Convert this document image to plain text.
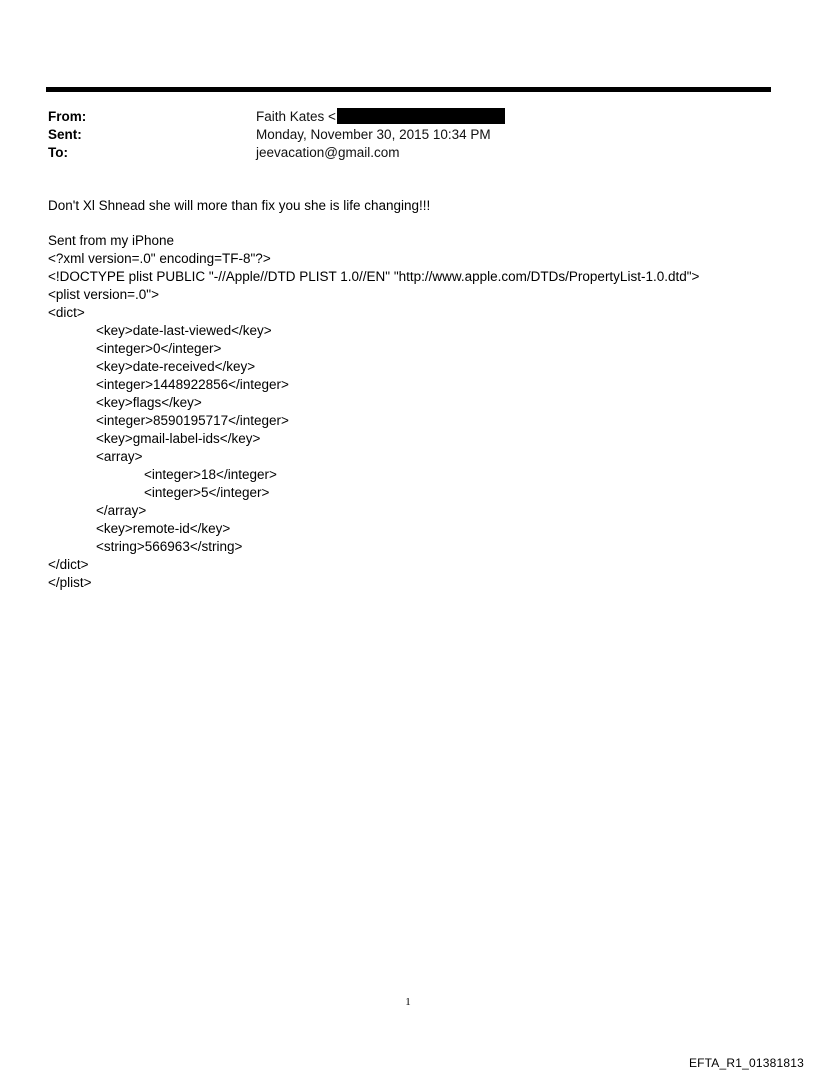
From:	Faith Kates <
Sent:	Monday, November 30, 2015 10:34 PM
To:	jeevacation@gmail.com
Don't Xl Shnead she will more than fix you she is life changing!!!
Sent from my iPhone
<?xml version=.0" encoding=TF-8"?>
<!DOCTYPE plist PUBLIC "-//Apple//DTD PLIST 1.0//EN" "http://www.apple.com/DTDs/PropertyList-1.0.dtd">
<plist version=.0">
<dict>
<key>date-last-viewed</key>
<integer>0</integer>
<key>date-received</key>
<integer>1448922856</integer>
<key>flags</key>
<integer>8590195717</integer>
<key>gmail-label-ids</key>
<array>
<integer>18</integer>
<integer>5</integer>
</array>
<key>remote-id</key>
<string>566963</string>
</dict>
</plist>
1
EFTA_R1_01381813
